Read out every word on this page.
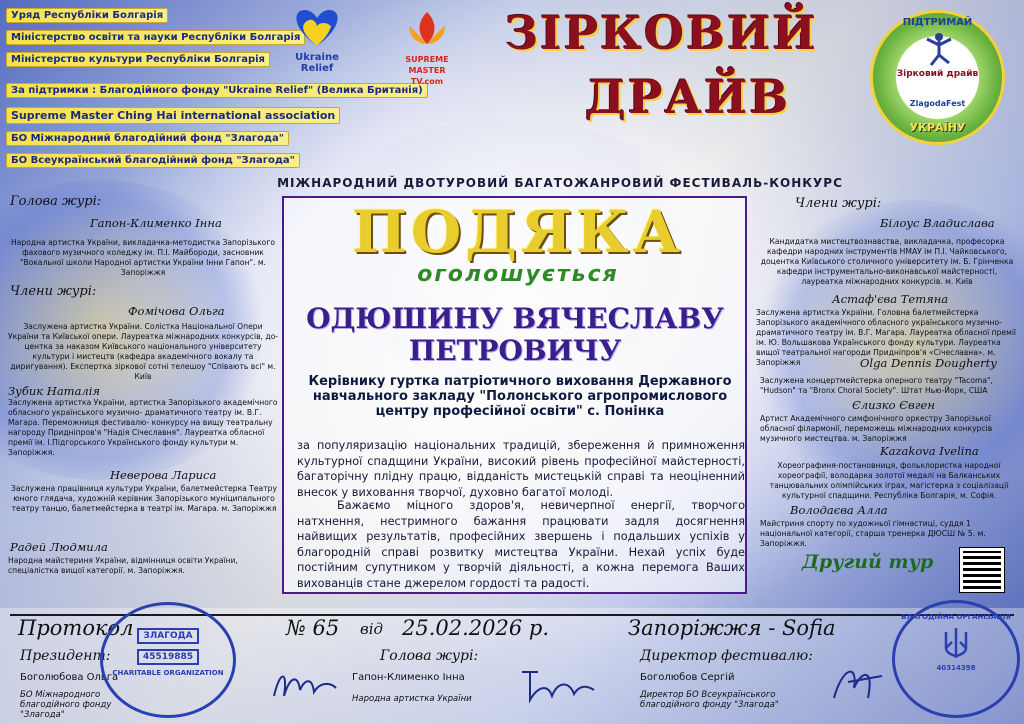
Уряд Республіки Болгарія
Міністерство освіти та науки Республіки Болгарія
Міністерство культури Республіки Болгарія
За підтримки : Благодійного фонду "Ukraine Relief" (Велика Британія)
Supreme Master Ching Hai international association
БО Міжнародний благодійний фонд "Злагода"
БО Всеукраїнський благодійний фонд "Злагода"
Ukraine Relief
SUPREME MASTER TV.com
ЗІРКОВИЙ
ДРАЙВ
ПІДТРИМАЙ
Зірковий драйв
ZlagodaFest
УКРАЇНУ
МІЖНАРОДНИЙ ДВОТУРОВИЙ БАГАТОЖАНРОВИЙ ФЕСТИВАЛЬ-КОНКУРС
ПОДЯКА
оголошується
ОДЮШИНУ ВЯЧЕСЛАВУ
ПЕТРОВИЧУ
Керівнику гуртка патріотичного виховання Державного навчального закладу "Полонського агропромислового центру професійної освіти" с. Понінка
за популяризацію національних традицій, збереження й примноження культурної спадщини України, високий рівень професійної майстерності, багаторічну плідну працю, відданість мистецькій справі та неоціненний внесок у виховання творчої, духовно багатої молоді.
Бажаємо міцного здоров'я, невичерпної енергії, творчого натхнення, нестримного бажання працювати задля досягнення найвищих результатів, професійних звершень і подальших успіхів у благородній справі розвитку мистецтва України. Нехай успіх буде постійним супутником у творчій діяльності, а кожна перемога Ваших вихованців стане джерелом гордості та радості.
Голова журі:
Гапон-Клименко Інна
Народна артистка України, викладачка-методистка Запорізького фахового музичного коледжу ім. П.І. Майбороди, засновник "Вокальної школи Народної артистки України Інни Гапон". м. Запоріжжя
Члени журі:
Фомічова Ольга
Заслужена артистка України. Солістка Національної Опери України та Київської опери. Лауреатка міжнародних конкурсів, до-центка за наказом Київського національного університету культури і мистецтв (кафедра академічного вокалу та диригування). Експертка зіркової сотні телешоу "Співають всі" м. Київ
Зубик Наталія
Заслужена артистка України, артистка Запорізького академічного обласного українського музично- драматичного театру ім. В.Г. Магара. Переможниця фестивалю- конкурсу на вищу театральну нагороду Придніпров'я "Надія Січеславня". Лауреатка обласної премії ім. І.Підгорського Українського фонду культури м. Запоріжжя.
Неверова Лариса
Заслужена працівниця культури України, балетмейстерка Театру юного глядача, художній керівник Запорізького муніципального театру танцю, балетмейстерка в театрі ім. Магара. м. Запоріжжя
Радей Людмила
Народна майстериня України, відмінниця освіти України, спеціалістка вищої категорії. м. Запоріжжя.
Члени журі:
Білоус Владислава
Кандидатка мистецтвознавства, викладачка, професорка кафедри народних інструментів НМАУ ім П.І. Чайковського, доцентка Київського столичного університету ім. Б. Грінченка кафедри інструментально-виконавської майстерності, лауреатка міжнародних конкурсів. м. Київ
Астаф'єва Тетяна
Заслужена артистка України. Головна балетмейстерка Запорізького академічного обласного українського музично-драматичного театру ім. В.Г. Магара. Лауреатка обласної премії ім. Ю. Вольшакова Українського фонду культури. Лауреатка вищої театральної нагороди Придніпров'я «Січеславна». м. Запоріжжя	Olga Dennis Dougherty
Заслужена концертмейстерка оперного театру "Tacoma", "Hudson" та "Bronx Choral Society". Штат Нью-Йорк, США
Єлизко Євген
Артист Академічного симфонічного оркестру Запорізької обласної філармонії, переможець міжнародних конкурсів музичного мистецтва. м. Запоріжжя
Kazakova Ivelina
Хореографиня-постановниця, фольклористка народної хореографії, володарка золотої медалі на Балканських танцювальних олімпійських іграх, магістерка з соціалізації культурної спадщини. Республіка Болгарія, м. Софія.
Володаєва Алла
Майстриня спорту по художньої гімнастиці, суддя 1 національної категорії, старша тренерка ДЮСШ № 5. м. Запоріжжя.
Другий тур
Протокол	№ 65 від 25.02.2026 р.	Запоріжжя - Sofia
Президент:
Боголюбова Ольга
БО Міжнародного благодійного фонду "Злагода"
Голова журі:
Гапон-Клименко Інна
Народна артистка України
Директор фестивалю:
Боголюбов Сергій
Директор БО Всеукраїнського благодійного фонду "Злагода"
ЗЛАГОДА
45519885
CHARITABLE ORGANIZATION
БЛАГОДІЙНА ОРГАНІЗАЦІЯ
40314398
